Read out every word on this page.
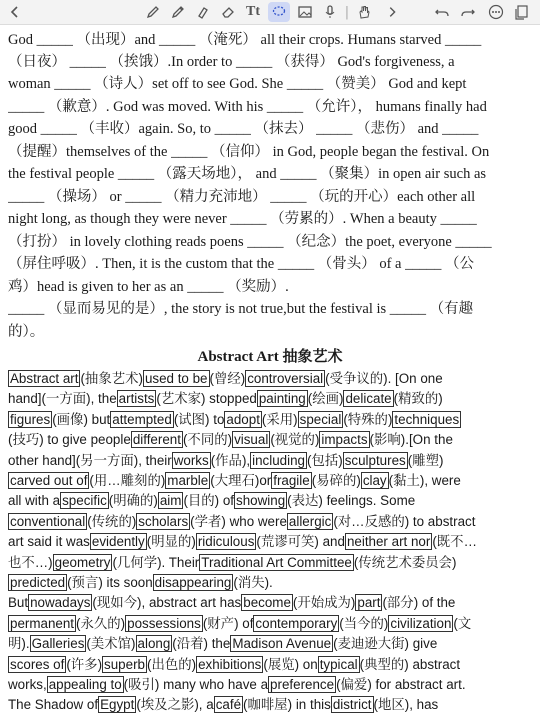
Tt	|
God _____ （出现）and _____ （淹死） all their crops. Humans starved _____
（日夜） _____ （挨饿）.In order to _____ （获得） God's forgiveness, a
woman _____ （诗人）set off to see God. She _____ （赞美） God and kept
_____ （歉意）. God was moved. With his _____ （允许）， humans finally had
good _____ （丰收）again. So, to _____ （抹去） _____ （悲伤） and _____
（提醒）themselves of the _____ （信仰） in God, people began the festival. On
the festival people _____ （露天场地）， and _____ （聚集）in open air such as
_____ （操场） or _____ （精力充沛地） _____ （玩的开心）each other all
night long, as though they were never _____ （劳累的）. When a beauty _____
（打扮） in lovely clothing reads poens _____ （纪念）the poet, everyone _____
（屏住呼吸）. Then, it is the custom that the _____ （骨头） of a _____ （公
鸡）head is given to her as an _____ （奖励）.
_____ （显而易见的是）, the story is not true,but the festival is _____ （有趣
的）。
Abstract Art 抽象艺术
Abstract art (抽象艺术) used to be (曾经) controversial (受争议的). [On one
hand](一方面), the artists (艺术家) stopped painting (绘画) delicate (精致的)
figures (画像) but attempted (试图) to adopt (采用) special (特殊的) techniques
(技巧) to give people different (不同的) visual (视觉的) impacts (影响).[On the
other hand](另一方面), their works (作品), including (包括) sculptures (雕塑)
carved out of (用…雕刻的) marble (大理石)or fragile (易碎的) clay (黏土), were
all with a specific (明确的) aim (目的) of showing (表达) feelings. Some
conventional (传统的) scholars (学者) who were allergic (对…反感的) to abstract
art said it was evidently (明显的) ridiculous (荒谬可笑) and neither art nor (既不…
也不…) geometry (几何学). Their Traditional Art Committee (传统艺术委员会)
predicted (预言) its soon disappearing (消失).
But nowadays (现如今), abstract art has become (开始成为) part (部分) of the
permanent (永久的) possessions (财产) of contemporary (当今的) civilization (文
明). Galleries (美术馆) along (沿着) the Madison Avenue (麦迪逊大街) give
scores of (许多) superb (出色的) exhibitions (展览) on typical (典型的) abstract
works, appealing to (吸引) many who have a preference (偏爱) for abstract art.
The Shadow of Egypt (埃及之影), a café (咖啡屋) in this district (地区), has
